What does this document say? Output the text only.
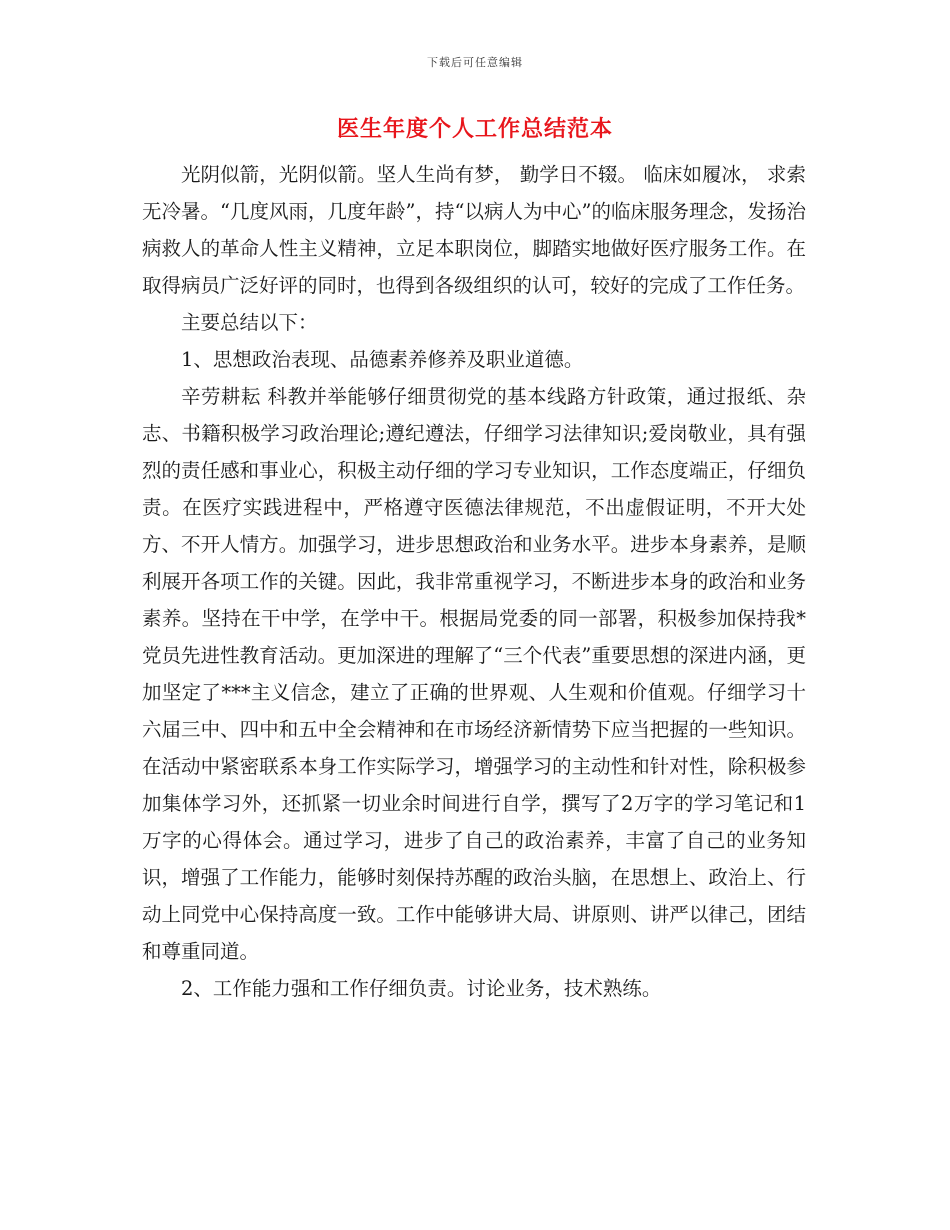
下载后可任意编辑
医生年度个人工作总结范本

光阴似箭，光阴似箭。坚人生尚有梦， 勤学日不辍。 临床如履冰， 求索无冷暑。“几度风雨，几度年龄”，持“以病人为中心”的临床服务理念，发扬治病救人的革命人性主义精神，立足本职岗位，脚踏实地做好医疗服务工作。在取得病员广泛好评的同时，也得到各级组织的认可，较好的完成了工作任务。

主要总结以下：

1、思想政治表现、品德素养修养及职业道德。

辛劳耕耘 科教并举能够仔细贯彻党的基本线路方针政策，通过报纸、杂志、书籍积极学习政治理论;遵纪遵法，仔细学习法律知识;爱岗敬业，具有强烈的责任感和事业心，积极主动仔细的学习专业知识，工作态度端正，仔细负责。在医疗实践进程中，严格遵守医德法律规范，不出虚假证明，不开大处方、不开人情方。加强学习，进步思想政治和业务水平。进步本身素养，是顺利展开各项工作的关键。因此，我非常重视学习，不断进步本身的政治和业务素养。坚持在干中学，在学中干。根据局党委的同一部署，积极参加保持我*党员先进性教育活动。更加深进的理解了“三个代表”重要思想的深进内涵，更加坚定了***主义信念，建立了正确的世界观、人生观和价值观。仔细学习十六届三中、四中和五中全会精神和在市场经济新情势下应当把握的一些知识。在活动中紧密联系本身工作实际学习，增强学习的主动性和针对性，除积极参加集体学习外，还抓紧一切业余时间进行自学，撰写了2万字的学习笔记和1万字的心得体会。通过学习，进步了自己的政治素养，丰富了自己的业务知识，增强了工作能力，能够时刻保持苏醒的政治头脑，在思想上、政治上、行动上同党中心保持高度一致。工作中能够讲大局、讲原则、讲严以律己，团结和尊重同道。

2、工作能力强和工作仔细负责。讨论业务，技术熟练。
